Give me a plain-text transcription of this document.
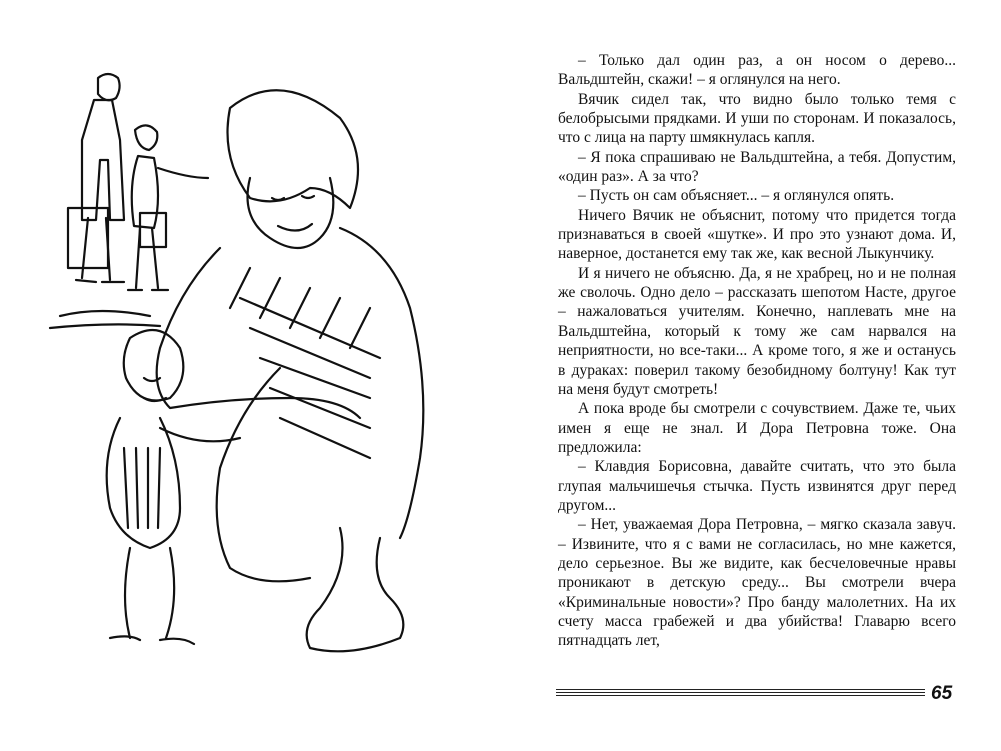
– Только дал один раз, а он носом о дерево... Вальдштейн, скажи! – я оглянулся на него.

Вячик сидел так, что видно было только темя с белобрысыми прядками. И уши по сторонам. И показалось, что с лица на парту шмякнулась капля.

– Я пока спрашиваю не Вальдштейна, а тебя. Допустим, «один раз». А за что?

– Пусть он сам объясняет... – я оглянулся опять.

Ничего Вячик не объяснит, потому что придется тогда признаваться в своей «шутке». И про это узнают дома. И, наверное, достанется ему так же, как весной Лыкунчику.

И я ничего не объясню. Да, я не храбрец, но и не полная же сволочь. Одно дело – рассказать шепотом Насте, другое – нажаловаться учителям. Конечно, наплевать мне на Вальдштейна, который к тому же сам нарвался на неприятности, но все-таки... А кроме того, я же и останусь в дураках: поверил такому безобидному болтуну! Как тут на меня будут смотреть!

А пока вроде бы смотрели с сочувствием. Даже те, чьих имен я еще не знал. И Дора Петровна тоже. Она предложила:

– Клавдия Борисовна, давайте считать, что это была глупая мальчишечья стычка. Пусть извинятся друг перед другом...

– Нет, уважаемая Дора Петровна, – мягко сказала завуч. – Извините, что я с вами не согласилась, но мне кажется, дело серьезное. Вы же видите, как бесчеловечные нравы проникают в детскую среду... Вы смотрели вчера «Криминальные новости»? Про банду малолетних. На их счету масса грабежей и два убийства! Главарю всего пятнадцать лет,

65
